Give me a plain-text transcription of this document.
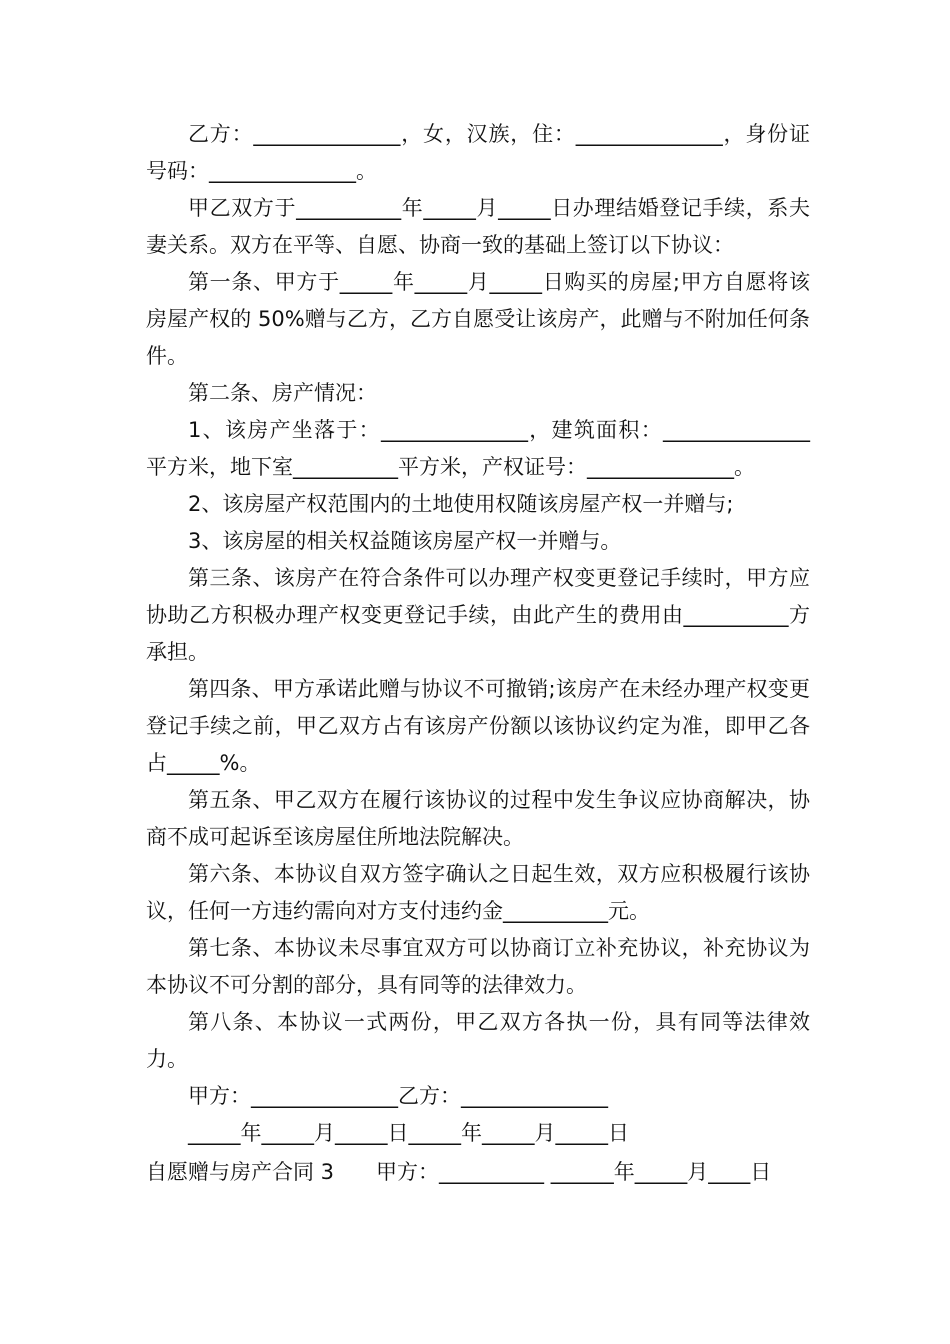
乙方：______________，女，汉族，住：______________，身份证号码：______________。

甲乙双方于__________年_____月_____日办理结婚登记手续，系夫妻关系。双方在平等、自愿、协商一致的基础上签订以下协议：

第一条、甲方于_____年_____月_____日购买的房屋;甲方自愿将该房屋产权的 50%赠与乙方，乙方自愿受让该房产，此赠与不附加任何条件。

第二条、房产情况：

1、该房产坐落于：______________，建筑面积：______________平方米，地下室__________平方米，产权证号：______________。

2、该房屋产权范围内的土地使用权随该房屋产权一并赠与;

3、该房屋的相关权益随该房屋产权一并赠与。

第三条、该房产在符合条件可以办理产权变更登记手续时，甲方应协助乙方积极办理产权变更登记手续，由此产生的费用由__________方承担。

第四条、甲方承诺此赠与协议不可撤销;该房产在未经办理产权变更登记手续之前，甲乙双方占有该房产份额以该协议约定为准，即甲乙各占_____%。

第五条、甲乙双方在履行该协议的过程中发生争议应协商解决，协商不成可起诉至该房屋住所地法院解决。

第六条、本协议自双方签字确认之日起生效，双方应积极履行该协议，任何一方违约需向对方支付违约金__________元。

第七条、本协议未尽事宜双方可以协商订立补充协议，补充协议为本协议不可分割的部分，具有同等的法律效力。

第八条、本协议一式两份，甲乙双方各执一份，具有同等法律效力。

甲方：______________乙方：______________

_____年_____月_____日_____年_____月_____日

自愿赠与房产合同 3　　甲方：__________ ______年_____月____日
